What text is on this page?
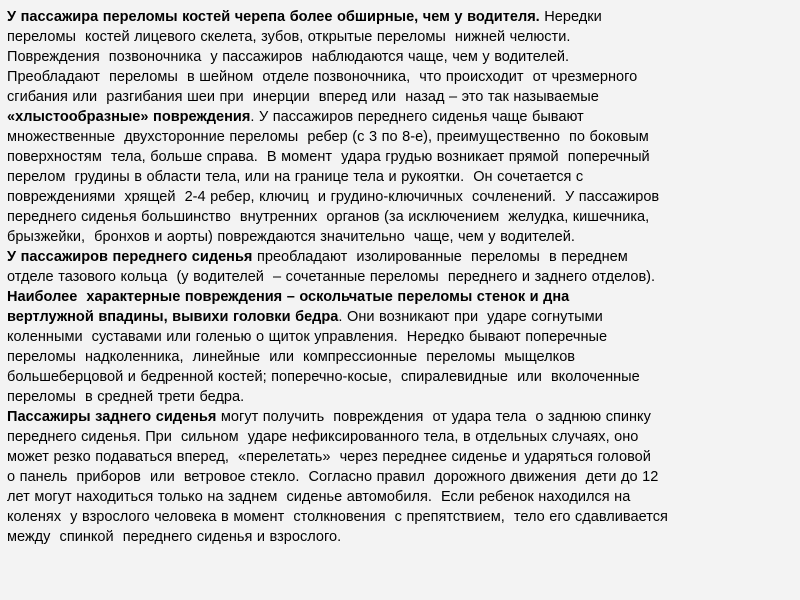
У пассажира переломы костей черепа более обширные, чем у водителя. Нередки
переломы  костей лицевого скелета, зубов, открытые переломы  нижней челюсти.
Повреждения  позвоночника  у пассажиров  наблюдаются чаще, чем у водителей.
Преобладают  переломы  в шейном  отделе позвоночника,  что происходит  от чрезмерного
сгибания или  разгибания шеи при  инерции  вперед или  назад – это так называемые
«хлыстообразные» повреждения. У пассажиров переднего сиденья чаще бывают
множественные  двухсторонние переломы  ребер (с 3 по 8-е), преимущественно  по боковым
поверхностям  тела, больше справа.  В момент  удара грудью возникает прямой  поперечный
перелом  грудины в области тела, или на границе тела и рукоятки.  Он сочетается с
повреждениями  хрящей  2-4 ребер, ключиц  и грудино-ключичных  сочленений.  У пассажиров
переднего сиденья большинство  внутренних  органов (за исключением  желудка, кишечника,
брызжейки,  бронхов и аорты) повреждаются значительно  чаще, чем у водителей.
У пассажиров переднего сиденья преобладают  изолированные  переломы  в переднем
отделе тазового кольца  (у водителей  – сочетанные переломы  переднего и заднего отделов).
Наиболее  характерные повреждения – оскольчатые переломы стенок и дна
вертлужной впадины, вывихи головки бедра. Они возникают при  ударе согнутыми
коленными  суставами или голенью о щиток управления.  Нередко бывают поперечные
переломы  надколенника,  линейные  или  компрессионные  переломы  мыщелков
большеберцовой и бедренной костей; поперечно-косые,  спиралевидные  или  вколоченные
переломы  в средней трети бедра.
Пассажиры заднего сиденья могут получить  повреждения  от удара тела  о заднюю спинку
переднего сиденья. При  сильном  ударе нефиксированного тела, в отдельных случаях, оно
может резко подаваться вперед,  «перелетать»  через переднее сиденье и ударяться головой
о панель  приборов  или  ветровое стекло.  Согласно правил  дорожного движения  дети до 12
лет могут находиться только на заднем  сиденье автомобиля.  Если ребенок находился на
коленях  у взрослого человека в момент  столкновения  с препятствием,  тело его сдавливается
между  спинкой  переднего сиденья и взрослого.
